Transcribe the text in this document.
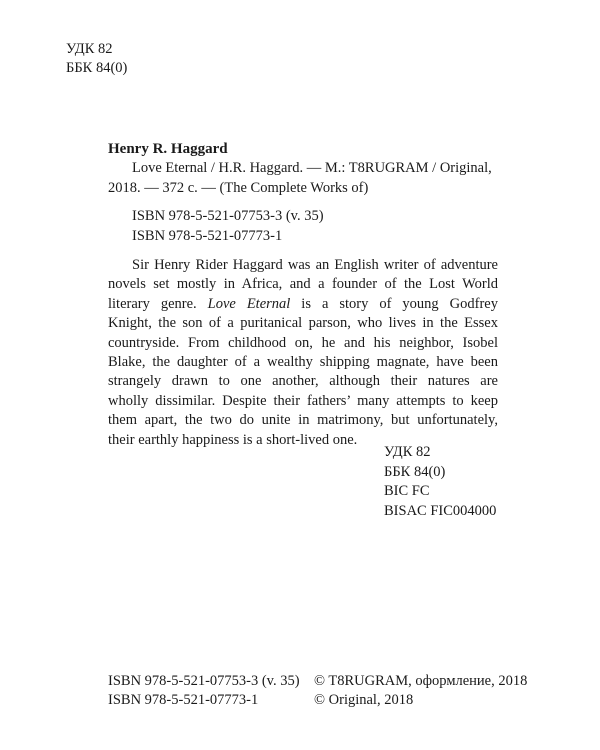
УДК 82
ББК 84(0)
Henry R. Haggard
Love Eternal / H.R. Haggard. — M.: T8RUGRAM / Original,
2018. — 372 с. — (The Complete Works of)
ISBN 978-5-521-07753-3 (v. 35)
ISBN 978-5-521-07773-1
Sir Henry Rider Haggard was an English writer of adventure
novels set mostly in Africa, and a founder of the Lost World
literary genre. Love Eternal is a story of young Godfrey
Knight, the son of a puritanical parson, who lives in the Essex
countryside. From childhood on, he and his neighbor, Isobel
Blake, the daughter of a wealthy shipping magnate, have been
strangely drawn to one another, although their natures are
wholly dissimilar. Despite their fathers’ many attempts to keep
them apart, the two do unite in matrimony, but unfortunately,
their earthly happiness is a short-lived one.
УДК 82
ББК 84(0)
BIC FC
BISAC FIC004000
ISBN 978-5-521-07753-3 (v. 35)
ISBN 978-5-521-07773-1
© T8RUGRAM, оформление, 2018
© Original, 2018
